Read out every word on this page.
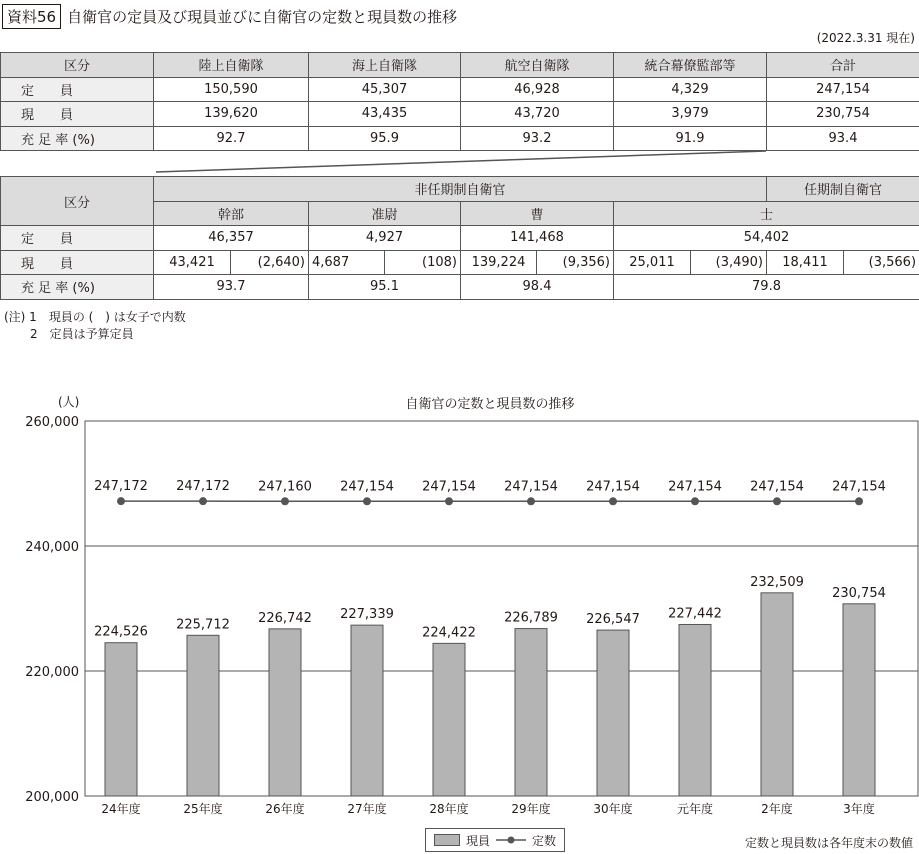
資料56 自衛官の定員及び現員並びに自衛官の定数と現員数の推移
(2022.3.31 現在)
区分	陸上自衛隊	海上自衛隊	航空自衛隊	統合幕僚監部等	合計
定　　員	150,590	45,307	46,928	4,329	247,154
現　　員	139,620	43,435	43,720	3,979	230,754
充 足 率 (%)	92.7	95.9	93.2	91.9	93.4
区分	非任期制自衛官								任期制自衛官	
	幹部		准尉		曹		士			
定　　員	46,357		4,927		141,468		54,402			
現　　員	43,421	(2,640)	4,687	(108)	139,224	(9,356)	25,011	(3,490)	18,411	(3,566)
充 足 率 (%)	93.7		95.1		98.4		79.8			
(注) 1　現員の (　) は女子で内数
2　定員は予算定員
(人)	自衛官の定数と現員数の推移
200,000
220,000
240,000
260,000
224,526
24年度
225,712
25年度
226,742
26年度
227,339
27年度
224,422
28年度
226,789
29年度
226,547
30年度
227,442
元年度
232,509
2年度
230,754
3年度
247,172 247,172 247,160 247,154 247,154 247,154 247,154 247,154 247,154 247,154
現員	定数	定数と現員数は各年度末の数値
